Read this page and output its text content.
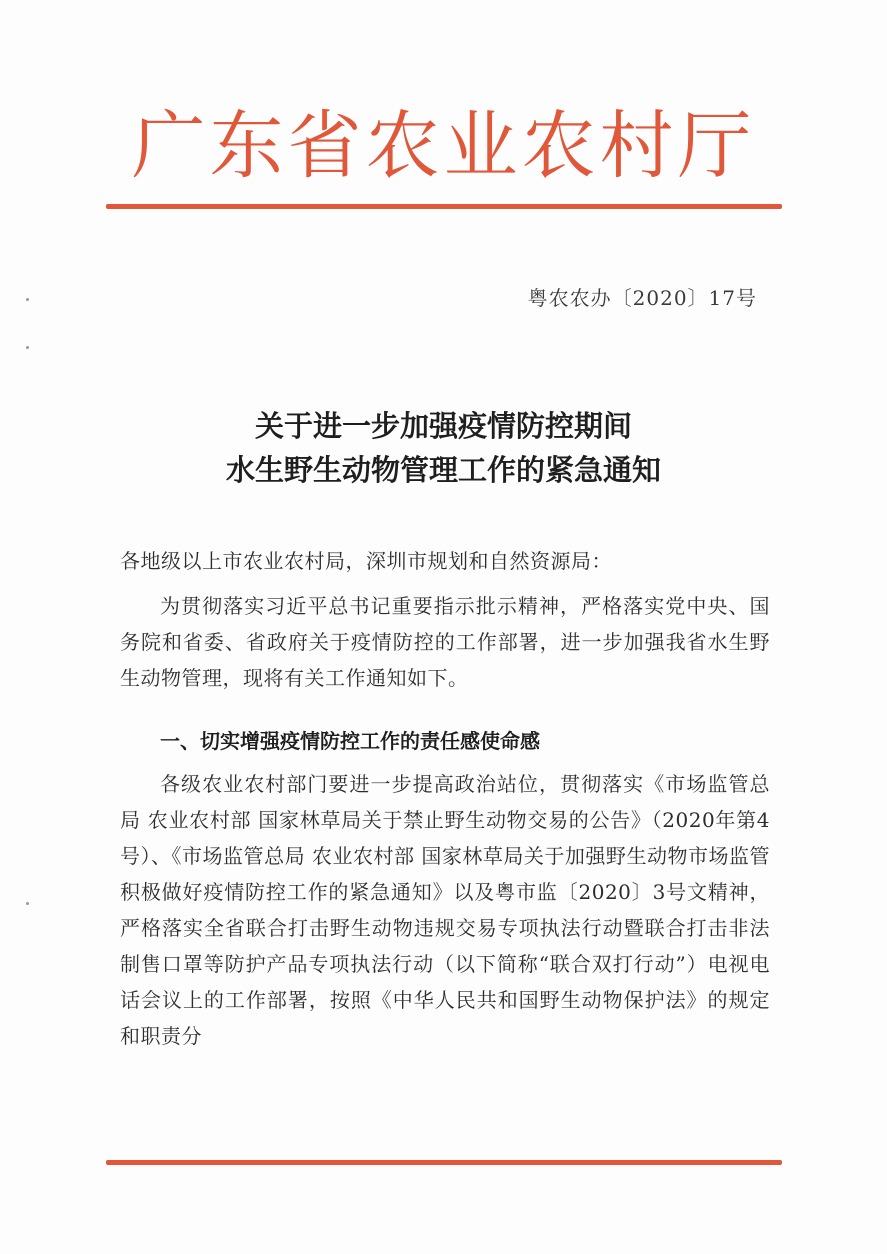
广东省农业农村厅
粤农农办〔2020〕17号
关于进一步加强疫情防控期间
水生野生动物管理工作的紧急通知
各地级以上市农业农村局，深圳市规划和自然资源局：
为贯彻落实习近平总书记重要指示批示精神，严格落实党中央、国务院和省委、省政府关于疫情防控的工作部署，进一步加强我省水生野生动物管理，现将有关工作通知如下。
一、切实增强疫情防控工作的责任感使命感
各级农业农村部门要进一步提高政治站位，贯彻落实《市场监管总局 农业农村部 国家林草局关于禁止野生动物交易的公告》（2020年第4号）、《市场监管总局 农业农村部 国家林草局关于加强野生动物市场监管积极做好疫情防控工作的紧急通知》以及粤市监〔2020〕3号文精神，严格落实全省联合打击野生动物违规交易专项执法行动暨联合打击非法制售口罩等防护产品专项执法行动（以下简称“联合双打行动”）电视电话会议上的工作部署，按照《中华人民共和国野生动物保护法》的规定和职责分
